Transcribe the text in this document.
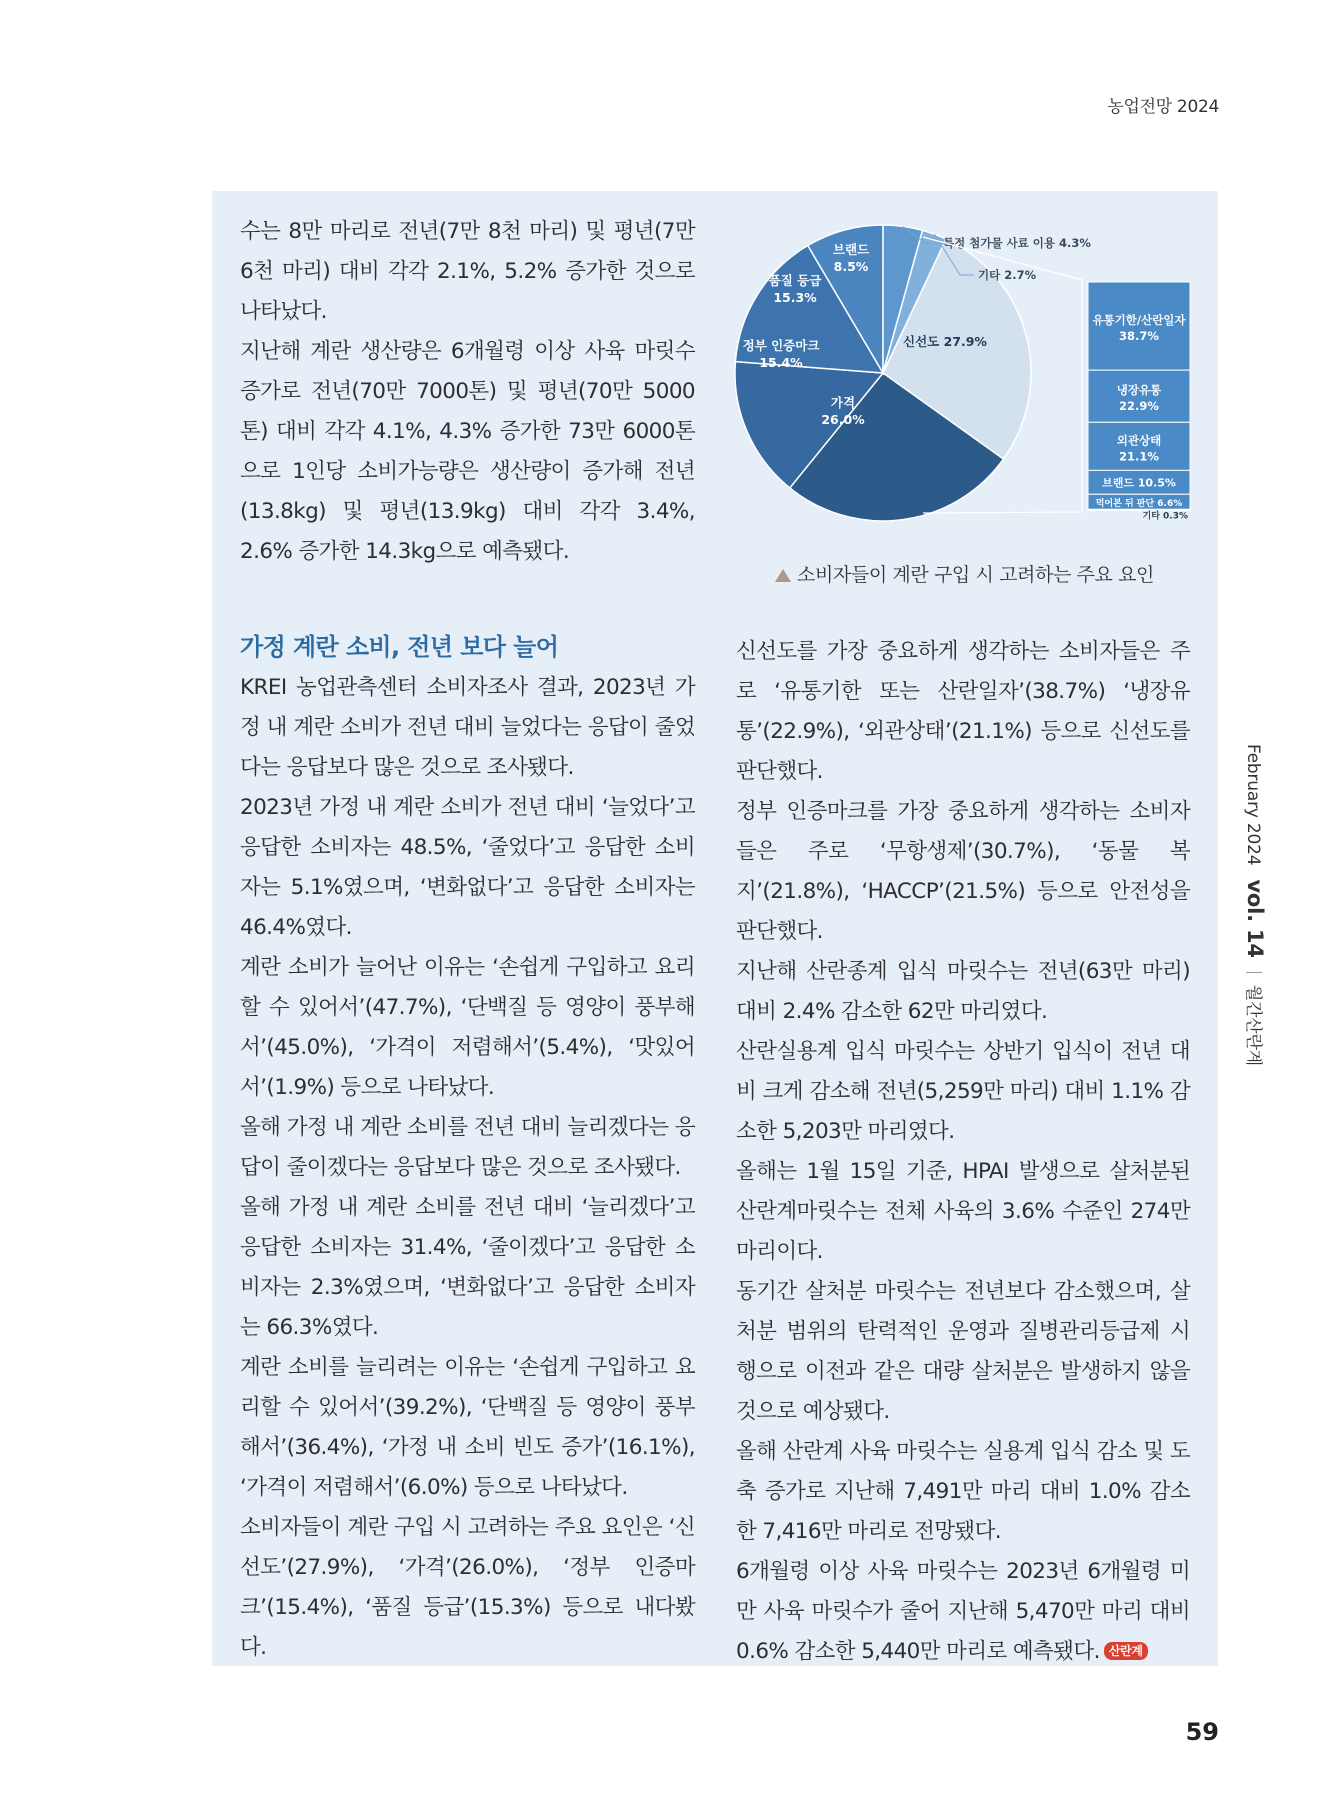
농업전망 2024

수는 8만 마리로 전년(7만 8천 마리) 및 평년(7만 6천 마리) 대비 각각 2.1%, 5.2% 증가한 것으로 나타났다.

지난해 계란 생산량은 6개월령 이상 사육 마릿수 증가로 전년(70만 7000톤) 및 평년(70만 5000톤) 대비 각각 4.1%, 4.3% 증가한 73만 6000톤으로 1인당 소비가능량은 생산량이 증가해 전년(13.8kg) 및 평년(13.9kg) 대비 각각 3.4%, 2.6% 증가한 14.3kg으로 예측됐다.

신선도 27.9%
가격 26.0%
정부 인증마크 15.4%
품질 등급 15.3%
브랜드 8.5%
특정 첨가물 사료 이용 4.3%
기타 2.7%
유통기한/산란일자 38.7%
냉장유통 22.9%
외관상태 21.1%
브랜드 10.5%
먹어본 뒤 판단 6.6%
기타 0.3%
소비자들이 계란 구입 시 고려하는 주요 요인
가정 계란 소비, 전년 보다 늘어

KREI 농업관측센터 소비자조사 결과, 2023년 가정 내 계란 소비가 전년 대비 늘었다는 응답이 줄었다는 응답보다 많은 것으로 조사됐다.

2023년 가정 내 계란 소비가 전년 대비 ‘늘었다’고 응답한 소비자는 48.5%, ‘줄었다’고 응답한 소비자는 5.1%였으며, ‘변화없다’고 응답한 소비자는 46.4%였다.

계란 소비가 늘어난 이유는 ‘손쉽게 구입하고 요리할 수 있어서’(47.7%), ‘단백질 등 영양이 풍부해서’(45.0%), ‘가격이 저렴해서’(5.4%), ‘맛있어서’(1.9%) 등으로 나타났다.

올해 가정 내 계란 소비를 전년 대비 늘리겠다는 응답이 줄이겠다는 응답보다 많은 것으로 조사됐다.

올해 가정 내 계란 소비를 전년 대비 ‘늘리겠다’고 응답한 소비자는 31.4%, ‘줄이겠다’고 응답한 소비자는 2.3%였으며, ‘변화없다’고 응답한 소비자는 66.3%였다.

계란 소비를 늘리려는 이유는 ‘손쉽게 구입하고 요리할 수 있어서’(39.2%), ‘단백질 등 영양이 풍부해서’(36.4%), ‘가정 내 소비 빈도 증가’(16.1%), ‘가격이 저렴해서’(6.0%) 등으로 나타났다.

소비자들이 계란 구입 시 고려하는 주요 요인은 ‘신선도’(27.9%), ‘가격’(26.0%), ‘정부 인증마크’(15.4%), ‘품질 등급’(15.3%) 등으로 내다봤다.

신선도를 가장 중요하게 생각하는 소비자들은 주로 ‘유통기한 또는 산란일자’(38.7%) ‘냉장유통’(22.9%), ‘외관상태’(21.1%) 등으로 신선도를 판단했다.

정부 인증마크를 가장 중요하게 생각하는 소비자들은 주로 ‘무항생제’(30.7%), ‘동물 복지’(21.8%), ‘HACCP’(21.5%) 등으로 안전성을 판단했다.

지난해 산란종계 입식 마릿수는 전년(63만 마리) 대비 2.4% 감소한 62만 마리였다.

산란실용계 입식 마릿수는 상반기 입식이 전년 대비 크게 감소해 전년(5,259만 마리) 대비 1.1% 감소한 5,203만 마리였다.

올해는 1월 15일 기준, HPAI 발생으로 살처분된 산란계마릿수는 전체 사육의 3.6% 수준인 274만 마리이다.

동기간 살처분 마릿수는 전년보다 감소했으며, 살처분 범위의 탄력적인 운영과 질병관리등급제 시행으로 이전과 같은 대량 살처분은 발생하지 않을 것으로 예상됐다.

올해 산란계 사육 마릿수는 실용계 입식 감소 및 도축 증가로 지난해 7,491만 마리 대비 1.0% 감소한 7,416만 마리로 전망됐다.

6개월령 이상 사육 마릿수는 2023년 6개월령 미만 사육 마릿수가 줄어 지난해 5,470만 마리 대비 0.6% 감소한 5,440만 마리로 예측됐다. 산란계

February 2024vol. 14월간산란계
59
